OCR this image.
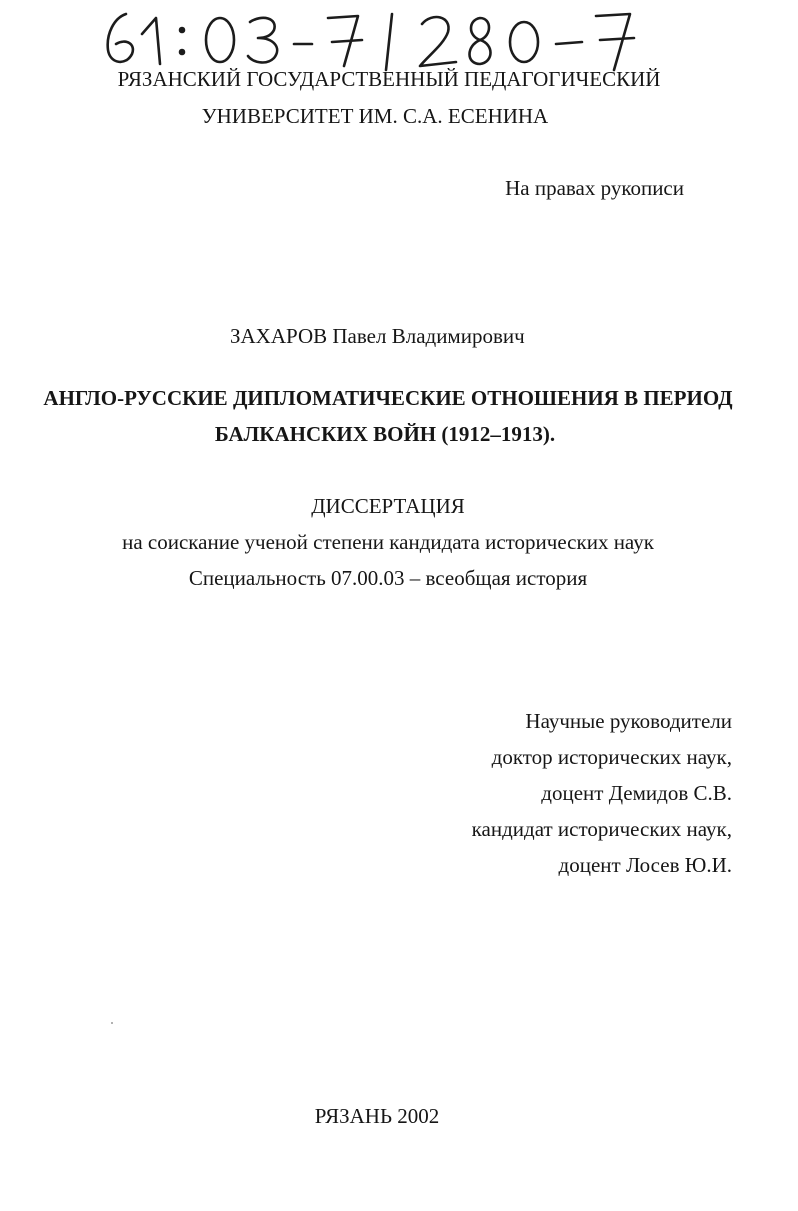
РЯЗАНСКИЙ ГОСУДАРСТВЕННЫЙ ПЕДАГОГИЧЕСКИЙ
УНИВЕРСИТЕТ ИМ. С.А. ЕСЕНИНА
На правах рукописи
ЗАХАРОВ Павел Владимирович
АНГЛО-РУССКИЕ ДИПЛОМАТИЧЕСКИЕ ОТНОШЕНИЯ В ПЕРИОД
БАЛКАНСКИХ ВОЙН (1912–1913).
ДИССЕРТАЦИЯ
на соискание ученой степени кандидата исторических наук
Специальность 07.00.03 – всеобщая история
Научные руководители
доктор исторических наук,
доцент Демидов С.В.
кандидат исторических наук,
доцент Лосев Ю.И.
РЯЗАНЬ 2002
